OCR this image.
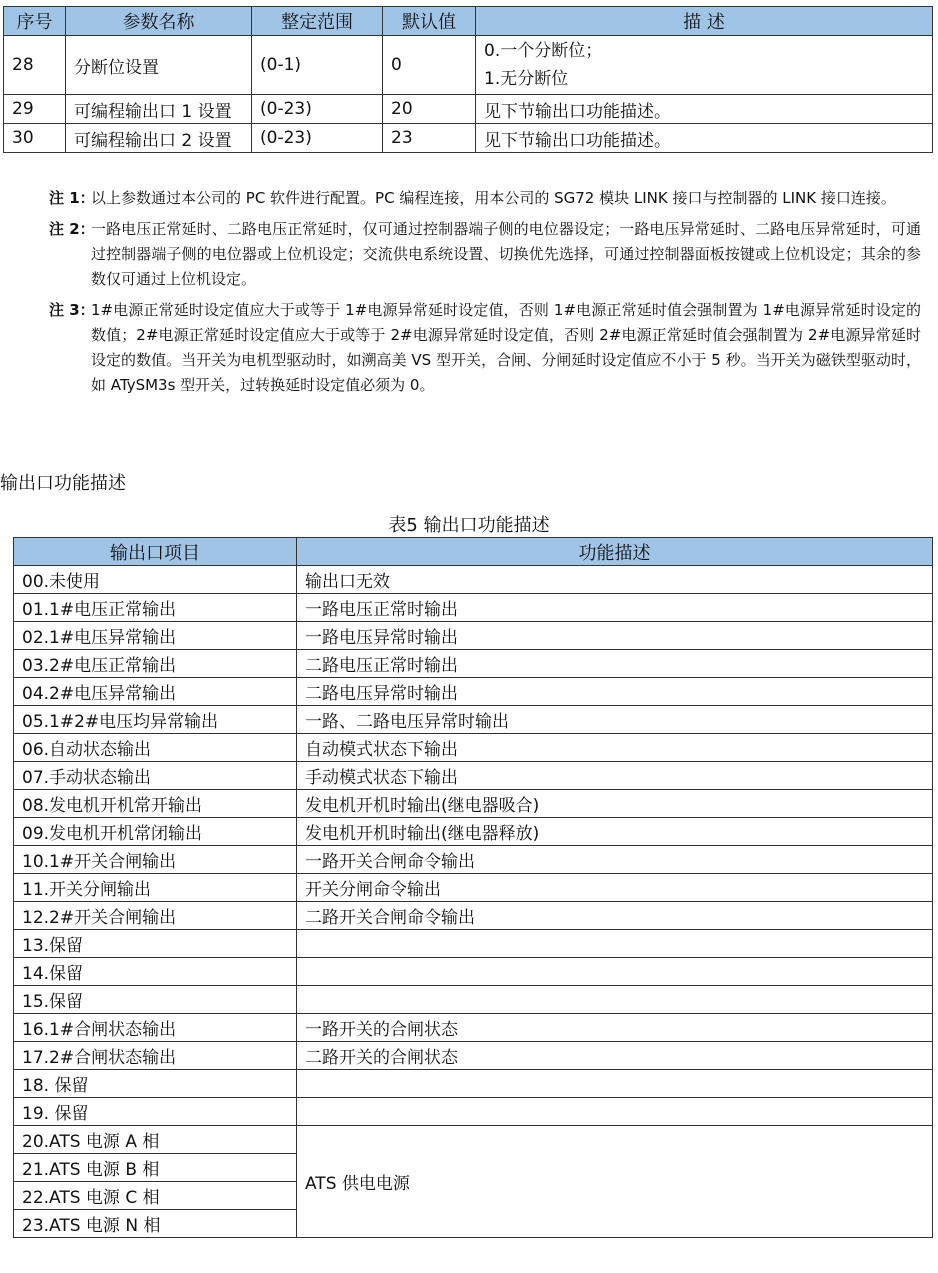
序号	参数名称	整定范围	默认值	描 述
28	分断位设置	(0-1)	0	0.一个分断位；
1.无分断位

29	可编程输出口 1 设置	(0-23)	20	见下节输出口功能描述。
30	可编程输出口 2 设置	(0-23)	23	见下节输出口功能描述。
注 1：
以上参数通过本公司的 PC 软件进行配置。PC 编程连接，用本公司的 SG72 模块 LINK 接口与控制器的 LINK 接口连接。
注 2：
一路电压正常延时、二路电压正常延时，仅可通过控制器端子侧的电位器设定；一路电压异常延时、二路电压异常延时，可通过控制器端子侧的电位器或上位机设定；交流供电系统设置、切换优先选择，可通过控制器面板按键或上位机设定；其余的参数仅可通过上位机设定。
注 3：
1#电源正常延时设定值应大于或等于 1#电源异常延时设定值，否则 1#电源正常延时值会强制置为 1#电源异常延时设定的数值；2#电源正常延时设定值应大于或等于 2#电源异常延时设定值，否则 2#电源正常延时值会强制置为 2#电源异常延时设定的数值。当开关为电机型驱动时，如溯高美 VS 型开关，合闸、分闸延时设定值应不小于 5 秒。当开关为磁铁型驱动时，如 ATySM3s 型开关，过转换延时设定值必须为 0。
输出口功能描述
表5 输出口功能描述
输出口项目	功能描述
00.未使用	输出口无效
01.1#电压正常输出	一路电压正常时输出
02.1#电压异常输出	一路电压异常时输出
03.2#电压正常输出	二路电压正常时输出
04.2#电压异常输出	二路电压异常时输出
05.1#2#电压均异常输出	一路、二路电压异常时输出
06.自动状态输出	自动模式状态下输出
07.手动状态输出	手动模式状态下输出
08.发电机开机常开输出	发电机开机时输出(继电器吸合)
09.发电机开机常闭输出	发电机开机时输出(继电器释放)
10.1#开关合闸输出	一路开关合闸命令输出
11.开关分闸输出	开关分闸命令输出
12.2#开关合闸输出	二路开关合闸命令输出
13.保留	
14.保留	
15.保留	
16.1#合闸状态输出	一路开关的合闸状态
17.2#合闸状态输出	二路开关的合闸状态
18. 保留	
19. 保留	
20.ATS 电源 A 相	ATS 供电电源
21.ATS 电源 B 相	
22.ATS 电源 C 相	
23.ATS 电源 N 相	
